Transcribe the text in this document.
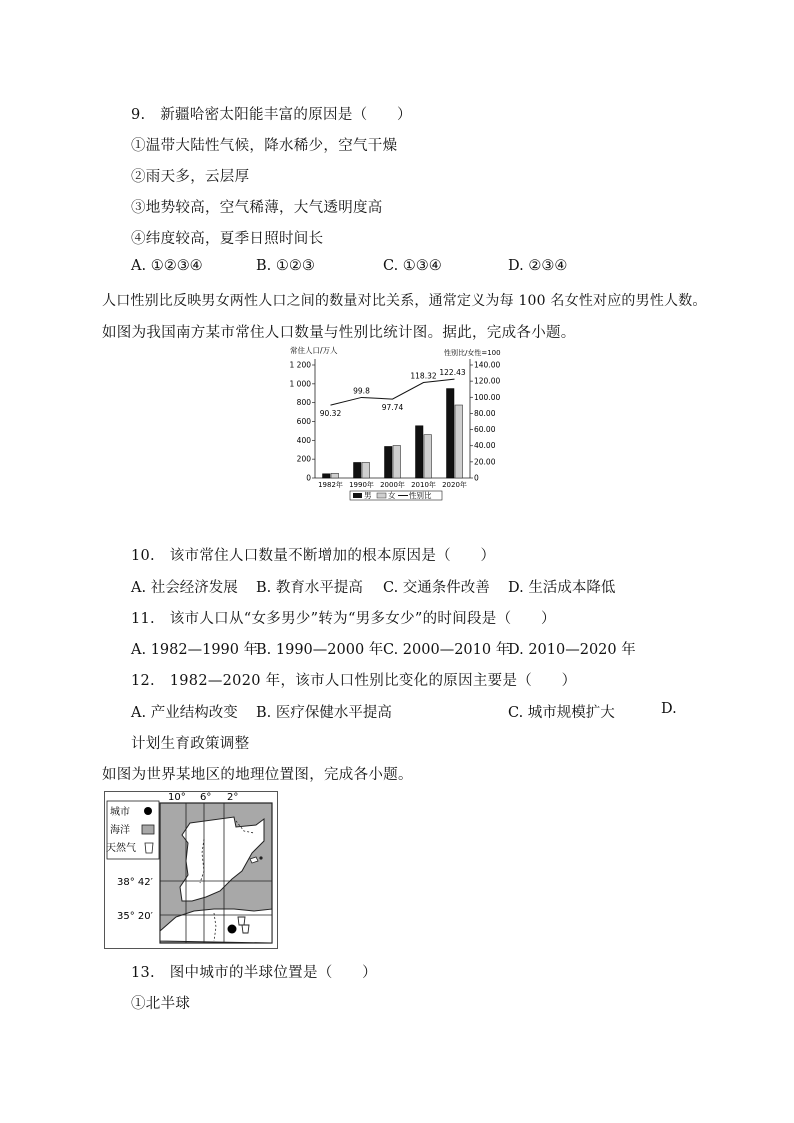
9.　新疆哈密太阳能丰富的原因是（　　）
①温带大陆性气候，降水稀少，空气干燥
②雨天多，云层厚
③地势较高，空气稀薄，大气透明度高
④纬度较高，夏季日照时间长
A. ①②③④	B. ①②③	C. ①③④	D. ②③④
人口性别比反映男女两性人口之间的数量对比关系，通常定义为每 100 名女性对应的男性人数。
如图为我国南方某市常住人口数量与性别比统计图。据此，完成各小题。
常住人口/万人	性别比/女性=100
0
200
400
600
800
1 000
1 200
0
20.00
40.00
60.00
80.00
100.00
120.00
140.00
1982年
90.32
1990年
99.8
2000年
97.74
2010年
118.32
2020年
122.43
男 女 性别比
10.　该市常住人口数量不断增加的根本原因是（　　）
A. 社会经济发展 B. 教育水平提高 C. 交通条件改善 D. 生活成本降低
11.　该市人口从“女多男少”转为“男多女少”的时间段是（　　）
A. 1982—1990 年
B. 1990—2000 年 C. 2000—2010 年
D. 2010—2020 年
12.　1982—2020 年，该市人口性别比变化的原因主要是（　　）
A. 产业结构改变 B. 医疗保健水平提高	C. 城市规模扩大	D.
计划生育政策调整
如图为世界某地区的地理位置图，完成各小题。
城市
海洋
天然气
10° 6° 2°
38° 42′
35° 20′
13.　图中城市的半球位置是（　　）
①北半球
